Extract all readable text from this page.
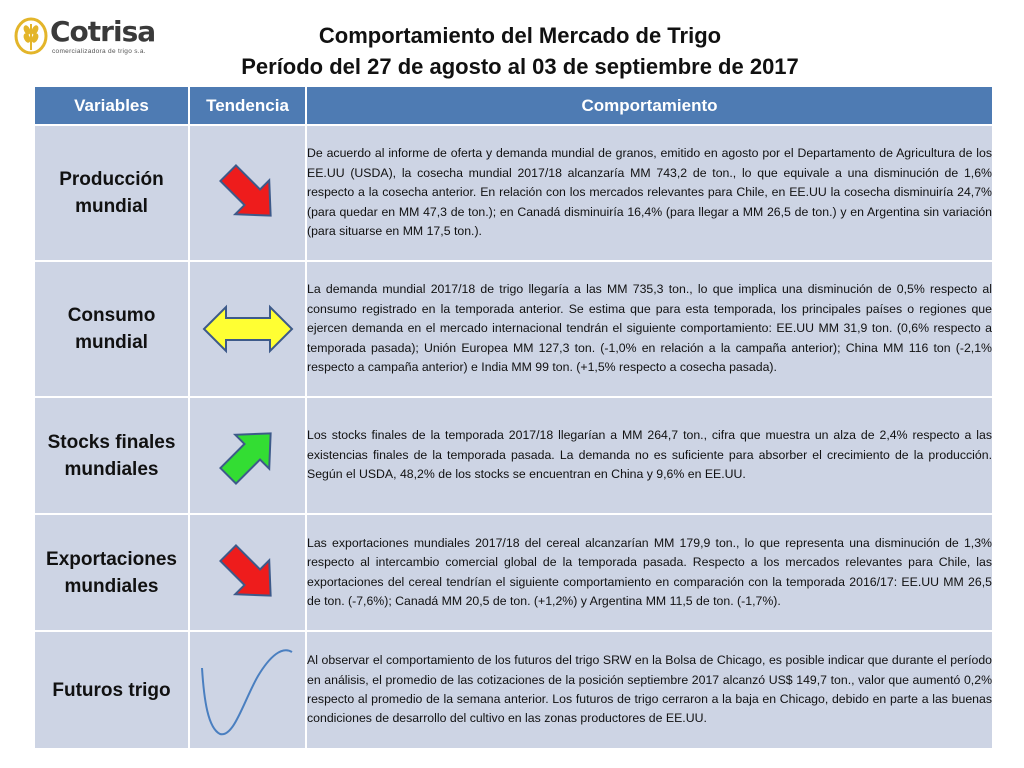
Cotrisa
comercializadora de trigo s.a.
Comportamiento del Mercado de Trigo
Período del 27 de agosto al 03 de septiembre de 2017
Variables	Tendencia	Comportamiento
Producción mundial		De acuerdo al informe de oferta y demanda mundial de granos, emitido en agosto por el Departamento de Agricultura de los EE.UU (USDA), la cosecha mundial 2017/18 alcanzaría MM 743,2 de ton., lo que equivale a una disminución de 1,6% respecto a la cosecha anterior. En relación con los mercados relevantes para Chile, en EE.UU la cosecha disminuiría 24,7% (para quedar en MM 47,3 de ton.); en Canadá disminuiría 16,4% (para llegar a MM 26,5 de ton.) y en Argentina sin variación (para situarse en MM 17,5 ton.).
Consumo mundial		La demanda mundial 2017/18 de trigo llegaría a las MM 735,3 ton., lo que implica una disminución de 0,5% respecto al consumo registrado en la temporada anterior. Se estima que para esta temporada, los principales países o regiones que ejercen demanda en el mercado internacional tendrán el siguiente comportamiento: EE.UU MM 31,9 ton. (0,6% respecto a temporada pasada); Unión Europea MM 127,3 ton. (-1,0% en relación a la campaña anterior); China MM 116 ton (-2,1% respecto a campaña anterior) e India MM 99 ton. (+1,5% respecto a cosecha pasada).
Stocks finales mundiales		Los stocks finales de la temporada 2017/18 llegarían a MM 264,7 ton., cifra que muestra un alza de 2,4% respecto a las existencias finales de la temporada pasada. La demanda no es suficiente para absorber el crecimiento de la producción. Según el USDA, 48,2% de los stocks se encuentran en China y 9,6% en EE.UU.
Exportaciones mundiales		Las exportaciones mundiales 2017/18 del cereal alcanzarían MM 179,9 ton., lo que representa una disminución de 1,3% respecto al intercambio comercial global de la temporada pasada. Respecto a los mercados relevantes para Chile, las exportaciones del cereal tendrían el siguiente comportamiento en comparación con la temporada 2016/17: EE.UU MM 26,5 de ton. (-7,6%); Canadá MM 20,5 de ton. (+1,2%) y Argentina MM 11,5 de ton. (-1,7%).
Futuros trigo		Al observar el comportamiento de los futuros del trigo SRW en la Bolsa de Chicago, es posible indicar que durante el período en análisis, el promedio de las cotizaciones de la posición septiembre 2017 alcanzó US$ 149,7 ton., valor que aumentó 0,2% respecto al promedio de la semana anterior. Los futuros de trigo cerraron a la baja en Chicago, debido en parte a las buenas condiciones de desarrollo del cultivo en las zonas productores de EE.UU.
